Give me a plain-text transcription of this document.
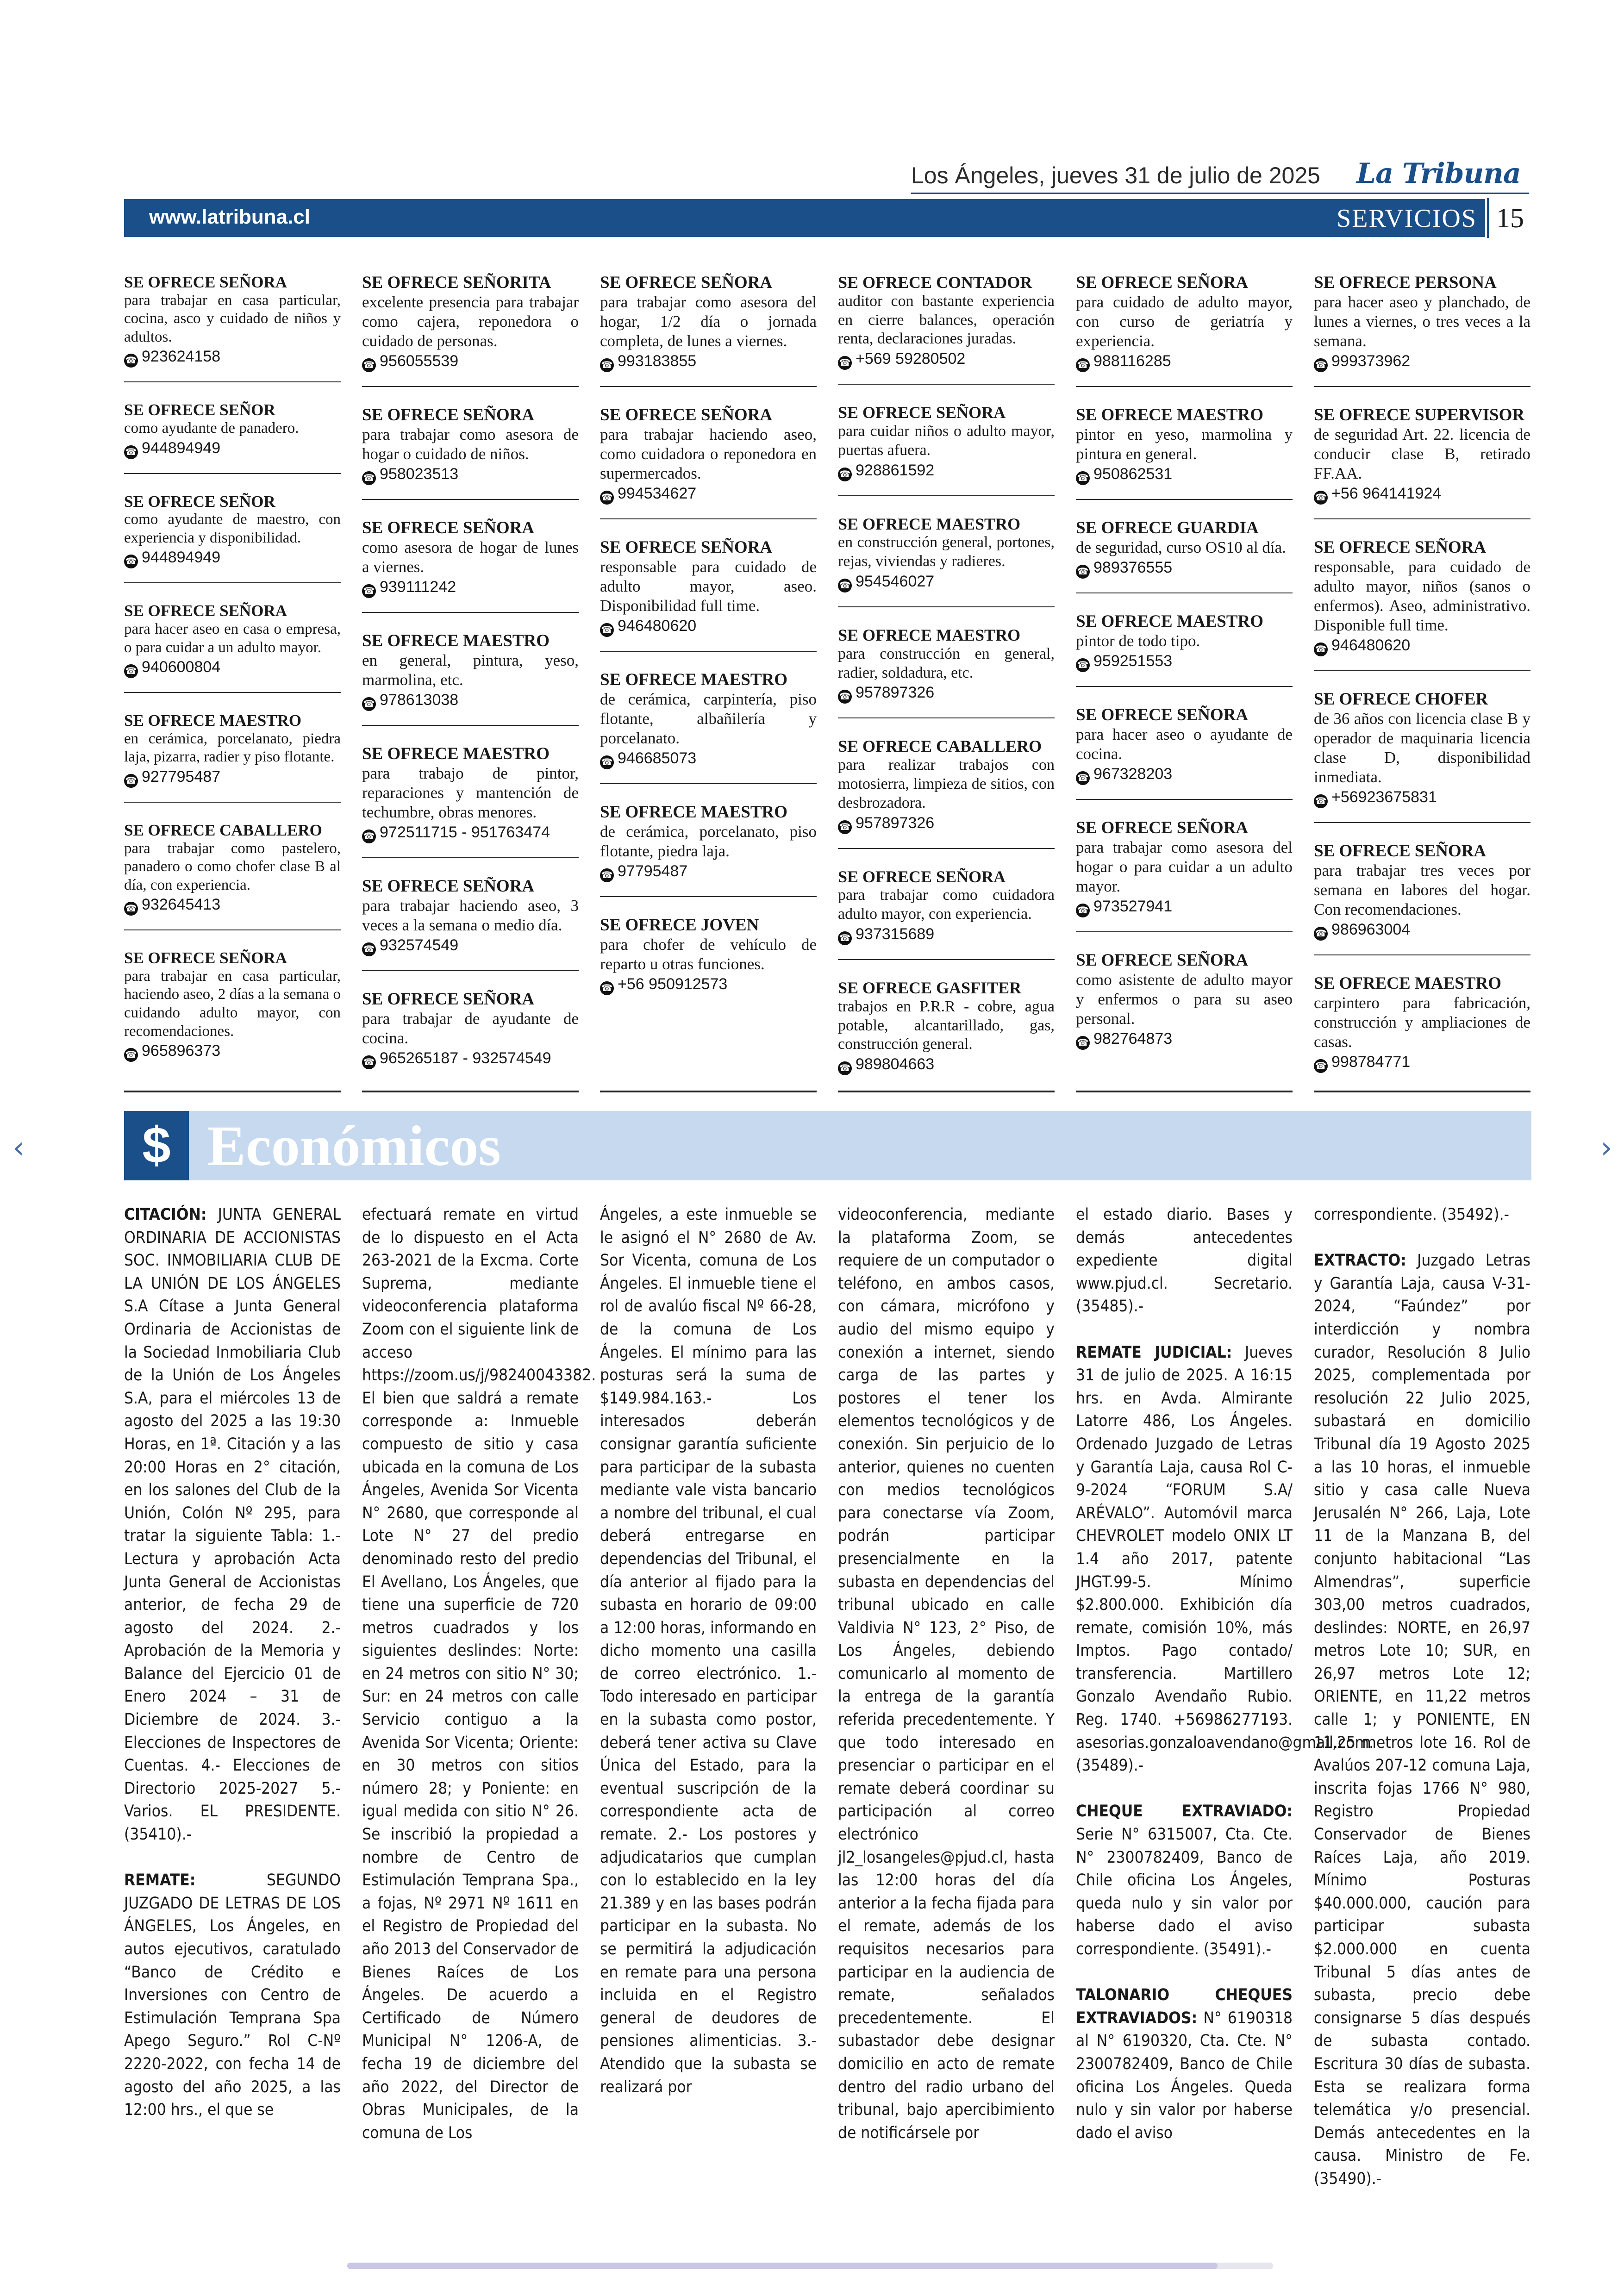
Los Ángeles, jueves 31 de julio de 2025 La Tribuna
www.latribuna.cl	SERVICIOS 15
SE OFRECE SEÑORA
para trabajar en casa particular, cocina, asco y cuidado de niños y adultos.
☎ 923624158
SE OFRECE SEÑOR
como ayudante de panadero.
☎ 944894949
SE OFRECE SEÑOR
como ayudante de maestro, con experiencia y disponibilidad.
☎ 944894949
SE OFRECE SEÑORA
para hacer aseo en casa o empresa, o para cuidar a un adulto mayor.
☎ 940600804
SE OFRECE MAESTRO
en cerámica, porcelanato, piedra laja, pizarra, radier y piso flotante.
☎ 927795487
SE OFRECE CABALLERO
para trabajar como pastelero, panadero o como chofer clase B al día, con experiencia.
☎ 932645413
SE OFRECE SEÑORA
para trabajar en casa particular, haciendo aseo, 2 días a la semana o cuidando adulto mayor, con recomendaciones.
☎ 965896373
SE OFRECE SEÑORITA
excelente presencia para trabajar como cajera, reponedora o cuidado de personas.
☎ 956055539
SE OFRECE SEÑORA
para trabajar como asesora de hogar o cuidado de niños.
☎ 958023513
SE OFRECE SEÑORA
como asesora de hogar de lunes a viernes.
☎ 939111242
SE OFRECE MAESTRO
en general, pintura, yeso, marmolina, etc.
☎ 978613038
SE OFRECE MAESTRO
para trabajo de pintor, reparaciones y mantención de techumbre, obras menores.
☎ 972511715 - 951763474
SE OFRECE SEÑORA
para trabajar haciendo aseo, 3 veces a la semana o medio día.
☎ 932574549
SE OFRECE SEÑORA
para trabajar de ayudante de cocina.
☎ 965265187 - 932574549
SE OFRECE SEÑORA
para trabajar como asesora del hogar, 1/2 día o jornada completa, de lunes a viernes.
☎ 993183855
SE OFRECE SEÑORA
para trabajar haciendo aseo, como cuidadora o reponedora en supermercados.
☎ 994534627
SE OFRECE SEÑORA
responsable para cuidado de adulto mayor, aseo. Disponibilidad full time.
☎ 946480620
SE OFRECE MAESTRO
de cerámica, carpintería, piso flotante, albañilería y porcelanato.
☎ 946685073
SE OFRECE MAESTRO
de cerámica, porcelanato, piso flotante, piedra laja.
☎ 97795487
SE OFRECE JOVEN
para chofer de vehículo de reparto u otras funciones.
☎ +56 950912573
SE OFRECE CONTADOR
auditor con bastante experiencia en cierre balances, operación renta, declaraciones juradas.
☎ +569 59280502
SE OFRECE SEÑORA
para cuidar niños o adulto mayor, puertas afuera.
☎ 928861592
SE OFRECE MAESTRO
en construcción general, portones, rejas, viviendas y radieres.
☎ 954546027
SE OFRECE MAESTRO
para construcción en general, radier, soldadura, etc.
☎ 957897326
SE OFRECE CABALLERO
para realizar trabajos con motosierra, limpieza de sitios, con desbrozadora.
☎ 957897326
SE OFRECE SEÑORA
para trabajar como cuidadora adulto mayor, con experiencia.
☎ 937315689
SE OFRECE GASFITER
trabajos en P.R.R - cobre, agua potable, alcantarillado, gas, construcción general.
☎ 989804663
SE OFRECE SEÑORA
para cuidado de adulto mayor, con curso de geriatría y experiencia.
☎ 988116285
SE OFRECE MAESTRO
pintor en yeso, marmolina y pintura en general.
☎ 950862531
SE OFRECE GUARDIA
de seguridad, curso OS10 al día.
☎ 989376555
SE OFRECE MAESTRO
pintor de todo tipo.
☎ 959251553
SE OFRECE SEÑORA
para hacer aseo o ayudante de cocina.
☎ 967328203
SE OFRECE SEÑORA
para trabajar como asesora del hogar o para cuidar a un adulto mayor.
☎ 973527941
SE OFRECE SEÑORA
como asistente de adulto mayor y enfermos o para su aseo personal.
☎ 982764873
SE OFRECE PERSONA
para hacer aseo y planchado, de lunes a viernes, o tres veces a la semana.
☎ 999373962
SE OFRECE SUPERVISOR
de seguridad Art. 22. licencia de conducir clase B, retirado FF.AA.
☎ +56 964141924
SE OFRECE SEÑORA
responsable, para cuidado de adulto mayor, niños (sanos o enfermos). Aseo, administrativo. Disponible full time.
☎ 946480620
SE OFRECE CHOFER
de 36 años con licencia clase B y operador de maquinaria licencia clase D, disponibilidad inmediata.
☎ +56923675831
SE OFRECE SEÑORA
para trabajar tres veces por semana en labores del hogar. Con recomendaciones.
☎ 986963004
SE OFRECE MAESTRO
carpintero para fabricación, construcción y ampliaciones de casas.
☎ 998784771
$ Económicos

CITACIÓN: JUNTA GENERAL ORDINARIA DE ACCIONISTAS SOC. INMOBILIARIA CLUB DE LA UNIÓN DE LOS ÁNGELES S.A Cítase a Junta General Ordinaria de Accionistas de la Sociedad Inmobiliaria Club de la Unión de Los Ángeles S.A, para el miércoles 13 de agosto del 2025 a las 19:30 Horas, en 1ª. Citación y a las 20:00 Horas en 2° citación, en los salones del Club de la Unión, Colón Nº 295, para tratar la siguiente Tabla: 1.- Lectura y aprobación Acta Junta General de Accionistas anterior, de fecha 29 de agosto del 2024. 2.- Aprobación de la Memoria y Balance del Ejercicio 01 de Enero 2024 – 31 de Diciembre de 2024. 3.- Elecciones de Inspectores de Cuentas. 4.- Elecciones de Directorio 2025-2027 5.- Varios. EL PRESIDENTE. (35410).-

REMATE: SEGUNDO JUZGADO DE LETRAS DE LOS ÁNGELES, Los Ángeles, en autos ejecutivos, caratulado “Banco de Crédito e Inversiones con Centro de Estimulación Temprana Spa Apego Seguro.” Rol C-Nº 2220-2022, con fecha 14 de agosto del año 2025, a las 12:00 hrs., el que se

efectuará remate en virtud de lo dispuesto en el Acta 263-2021 de la Excma. Corte Suprema, mediante videoconferencia plataforma Zoom con el siguiente link de acceso https://zoom.us/j/98240043382. El bien que saldrá a remate corresponde a: Inmueble compuesto de sitio y casa ubicada en la comuna de Los Ángeles, Avenida Sor Vicenta N° 2680, que corresponde al Lote N° 27 del predio denominado resto del predio El Avellano, Los Ángeles, que tiene una superficie de 720 metros cuadrados y los siguientes deslindes: Norte: en 24 metros con sitio N° 30; Sur: en 24 metros con calle Servicio contiguo a la Avenida Sor Vicenta; Oriente: en 30 metros con sitios número 28; y Poniente: en igual medida con sitio N° 26. Se inscribió la propiedad a nombre de Centro de Estimulación Temprana Spa., a fojas, Nº 2971 Nº 1611 en el Registro de Propiedad del año 2013 del Conservador de Bienes Raíces de Los Ángeles. De acuerdo a Certificado de Número Municipal N° 1206-A, de fecha 19 de diciembre del año 2022, del Director de Obras Municipales, de la comuna de Los

Ángeles, a este inmueble se le asignó el N° 2680 de Av. Sor Vicenta, comuna de Los Ángeles. El inmueble tiene el rol de avalúo fiscal Nº 66-28, de la comuna de Los Ángeles. El mínimo para las posturas será la suma de $149.984.163.- Los interesados deberán consignar garantía suficiente para participar de la subasta mediante vale vista bancario a nombre del tribunal, el cual deberá entregarse en dependencias del Tribunal, el día anterior al fijado para la subasta en horario de 09:00 a 12:00 horas, informando en dicho momento una casilla de correo electrónico. 1.- Todo interesado en participar en la subasta como postor, deberá tener activa su Clave Única del Estado, para la eventual suscripción de la correspondiente acta de remate. 2.- Los postores y adjudicatarios que cumplan con lo establecido en la ley 21.389 y en las bases podrán participar en la subasta. No se permitirá la adjudicación en remate para una persona incluida en el Registro general de deudores de pensiones alimenticias. 3.- Atendido que la subasta se realizará por

videoconferencia, mediante la plataforma Zoom, se requiere de un computador o teléfono, en ambos casos, con cámara, micrófono y audio del mismo equipo y conexión a internet, siendo carga de las partes y postores el tener los elementos tecnológicos y de conexión. Sin perjuicio de lo anterior, quienes no cuenten con medios tecnológicos para conectarse vía Zoom, podrán participar presencialmente en la subasta en dependencias del tribunal ubicado en calle Valdivia N° 123, 2° Piso, de Los Ángeles, debiendo comunicarlo al momento de la entrega de la garantía referida precedentemente. Y que todo interesado en presenciar o participar en el remate deberá coordinar su participación al correo electrónico jl2_losangeles@pjud.cl, hasta las 12:00 horas del día anterior a la fecha fijada para el remate, además de los requisitos necesarios para participar en la audiencia de remate, señalados precedentemente. El subastador debe designar domicilio en acto de remate dentro del radio urbano del tribunal, bajo apercibimiento de notificársele por

el estado diario. Bases y demás antecedentes expediente digital www.pjud.cl. Secretario. (35485).-

REMATE JUDICIAL: Jueves 31 de julio de 2025. A 16:15 hrs. en Avda. Almirante Latorre 486, Los Ángeles. Ordenado Juzgado de Letras y Garantía Laja, causa Rol C-9-2024 “FORUM S.A/ ARÉVALO”. Automóvil marca CHEVROLET modelo ONIX LT 1.4 año 2017, patente JHGT.99-5. Mínimo $2.800.000. Exhibición día remate, comisión 10%, más Imptos. Pago contado/ transferencia. Martillero Gonzalo Avendaño Rubio. Reg. 1740. +56986277193. asesorias.gonzaloavendano@gmail.com. (35489).-

CHEQUE EXTRAVIADO: Serie N° 6315007, Cta. Cte. N° 2300782409, Banco de Chile oficina Los Ángeles, queda nulo y sin valor por haberse dado el aviso correspondiente. (35491).-

TALONARIO CHEQUES EXTRAVIADOS: N° 6190318 al N° 6190320, Cta. Cte. N° 2300782409, Banco de Chile oficina Los Ángeles. Queda nulo y sin valor por haberse dado el aviso

correspondiente. (35492).-

EXTRACTO: Juzgado Letras y Garantía Laja, causa V-31-2024, “Faúndez” por interdicción y nombra curador, Resolución 8 Julio 2025, complementada por resolución 22 Julio 2025, subastará en domicilio Tribunal día 19 Agosto 2025 a las 10 horas, el inmueble sitio y casa calle Nueva Jerusalén N° 266, Laja, Lote 11 de la Manzana B, del conjunto habitacional “Las Almendras”, superficie 303,00 metros cuadrados, deslindes: NORTE, en 26,97 metros Lote 10; SUR, en 26,97 metros Lote 12; ORIENTE, en 11,22 metros calle 1; y PONIENTE, EN 11,25 metros lote 16. Rol de Avalúos 207-12 comuna Laja, inscrita fojas 1766 N° 980, Registro Propiedad Conservador de Bienes Raíces Laja, año 2019. Mínimo Posturas $40.000.000, caución para participar subasta $2.000.000 en cuenta Tribunal 5 días antes de subasta, precio debe consignarse 5 días después de subasta contado. Escritura 30 días de subasta. Esta se realizara forma telemática y/o presencial. Demás antecedentes en la causa. Ministro de Fe. (35490).-

‹	›
